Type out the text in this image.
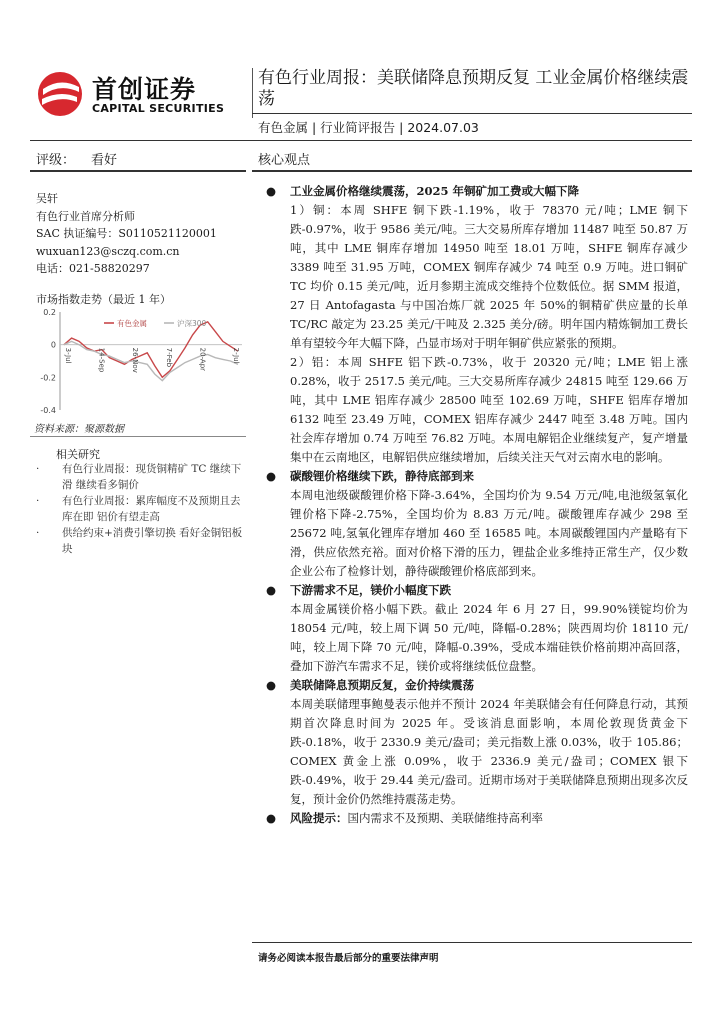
首创证券
CAPITAL SECURITIES
有色行业周报：美联储降息预期反复 工业金属价格继续震荡
有色金属 | 行业简评报告 | 2024.07.03
评级： 看好
吴轩
有色行业首席分析师
SAC 执证编号：S0110521120001
wuxuan123@sczq.com.cn
电话：021-58820297
市场指数走势（最近 1 年）
0.2
0
-0.2
-0.4
3-Jul	14-Sep	26-Nov	7-Feb	20-Apr	2-Jul
有色金属	沪深300
资料来源：聚源数据
相关研究
· 有色行业周报：现货铜精矿 TC 继续下滑 继续看多铜价
· 有色行业周报：累库幅度不及预期且去库在即 铝价有望走高
· 供给约束+消费引擎切换 看好金铜铝板块
核心观点
● 工业金属价格继续震荡，2025 年铜矿加工费或大幅下降
1）铜：本周 SHFE 铜下跌-1.19%，收于 78370 元/吨；LME 铜下跌-0.97%，收于 9586 美元/吨。三大交易所库存增加 11487 吨至 50.87 万吨，其中 LME 铜库存增加 14950 吨至 18.01 万吨，SHFE 铜库存减少 3389 吨至 31.95 万吨，COMEX 铜库存减少 74 吨至 0.9 万吨。进口铜矿 TC 均价 0.15 美元/吨，近月参期主流成交维持个位数低位。据 SMM 报道，27 日 Antofagasta 与中国冶炼厂就 2025 年 50%的铜精矿供应量的长单 TC/RC 敲定为 23.25 美元/干吨及 2.325 美分/磅。明年国内精炼铜加工费长单有望较今年大幅下降，凸显市场对于明年铜矿供应紧张的预期。
2）铝：本周 SHFE 铝下跌-0.73%，收于 20320 元/吨；LME 铝上涨 0.28%，收于 2517.5 美元/吨。三大交易所库存减少 24815 吨至 129.66 万吨，其中 LME 铝库存减少 28500 吨至 102.69 万吨，SHFE 铝库存增加 6132 吨至 23.49 万吨，COMEX 铝库存减少 2447 吨至 3.48 万吨。国内社会库存增加 0.74 万吨至 76.82 万吨。本周电解铝企业继续复产，复产增量集中在云南地区，电解铝供应继续增加，后续关注天气对云南水电的影响。
● 碳酸锂价格继续下跌，静待底部到来
本周电池级碳酸锂价格下降-3.64%，全国均价为 9.54 万元/吨,电池级氢氧化锂价格下降-2.75%，全国均价为 8.83 万元/吨。碳酸锂库存减少 298 至 25672 吨,氢氧化锂库存增加 460 至 16585 吨。本周碳酸锂国内产量略有下滑，供应依然充裕。面对价格下滑的压力，锂盐企业多维持正常生产，仅少数企业公布了检修计划，静待碳酸锂价格底部到来。
● 下游需求不足，镁价小幅度下跌
本周金属镁价格小幅下跌。截止 2024 年 6 月 27 日，99.90%镁锭均价为 18054 元/吨，较上周下调 50 元/吨，降幅-0.28%；陕西周均价 18110 元/吨，较上周下降 70 元/吨，降幅-0.39%，受成本端硅铁价格前期冲高回落，叠加下游汽车需求不足，镁价或将继续低位盘整。
● 美联储降息预期反复，金价持续震荡
本周美联储理事鲍曼表示他并不预计 2024 年美联储会有任何降息行动，其预期首次降息时间为 2025 年。受该消息面影响，本周伦敦现货黄金下跌-0.18%，收于 2330.9 美元/盎司；美元指数上涨 0.03%，收于 105.86；COMEX 黄金上涨 0.09%，收于 2336.9 美元/盎司；COMEX 银下跌-0.49%，收于 29.44 美元/盎司。近期市场对于美联储降息预期出现多次反复，预计金价仍然维持震荡走势。
● 风险提示：国内需求不及预期、美联储维持高利率
请务必阅读本报告最后部分的重要法律声明
